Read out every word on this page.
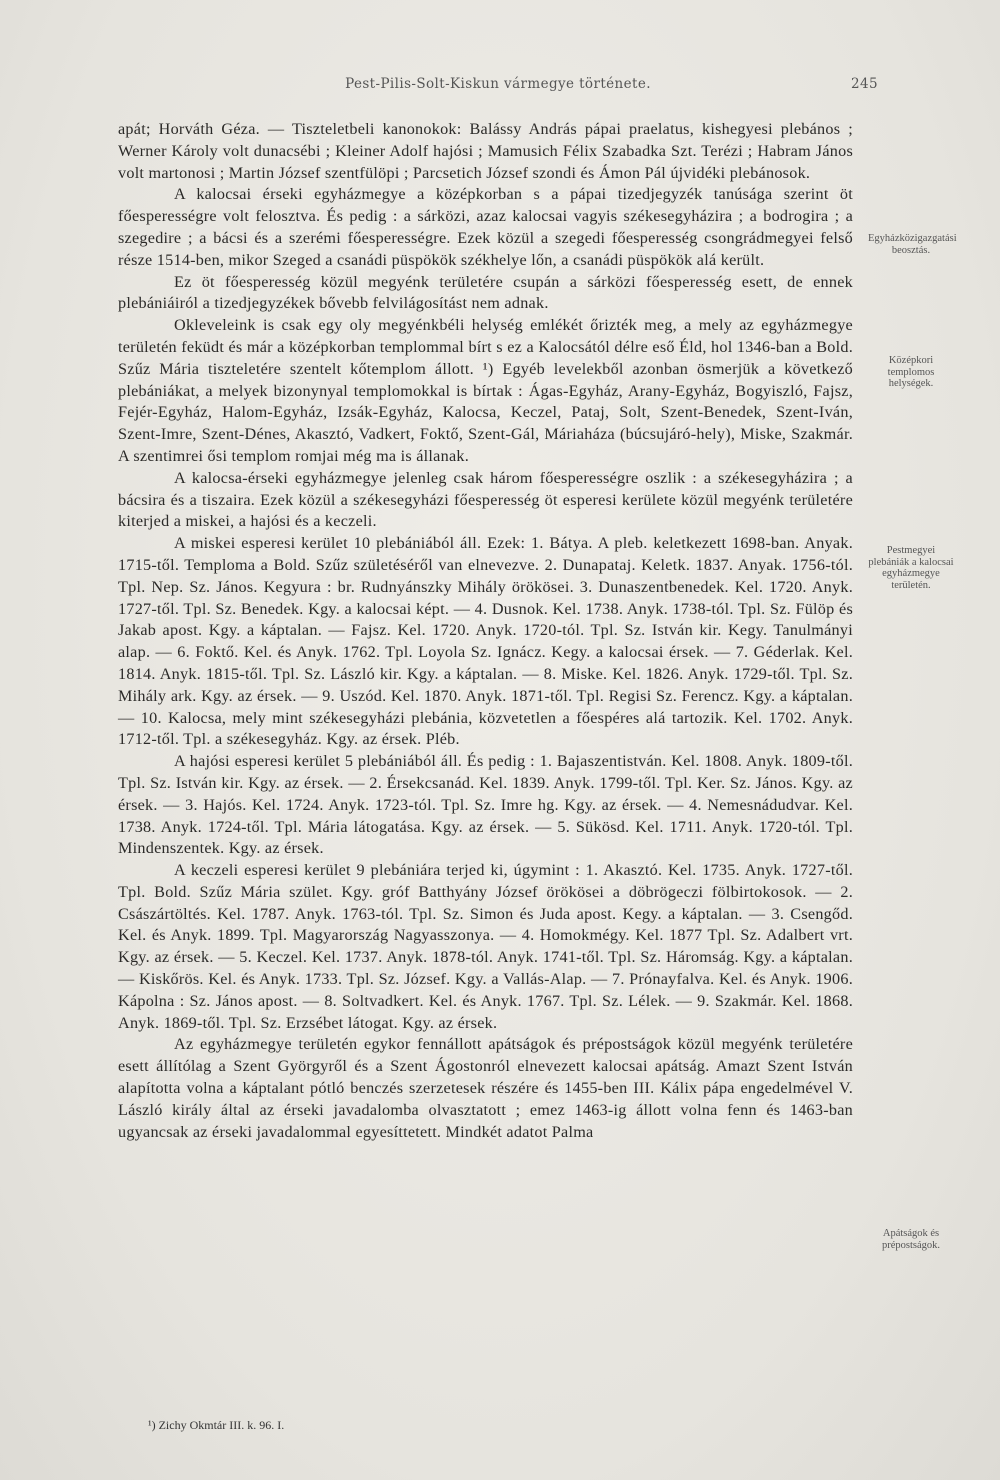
Pest-Pilis-Solt-Kiskun vármegye története.	245

apát; Horváth Géza. — Tiszteletbeli kanonokok: Balássy András pápai praelatus, kishegyesi plebános ; Werner Károly volt dunacsébi ; Kleiner Adolf hajósi ; Mamusich Félix Szabadka Szt. Terézi ; Habram János volt martonosi ; Martin József szentfülöpi ; Parcsetich József szondi és Ámon Pál újvidéki plebánosok.

A kalocsai érseki egyházmegye a középkorban s a pápai tizedjegyzék tanúsága szerint öt főesperességre volt felosztva. És pedig : a sárközi, azaz kalocsai vagyis székesegyházira ; a bodrogira ; a szegedire ; a bácsi és a szerémi főesperességre. Ezek közül a szegedi főesperesség csongrádmegyei felső része 1514-ben, mikor Szeged a csanádi püspökök székhelye lőn, a csanádi püspökök alá került.

Ez öt főesperesség közül megyénk területére csupán a sárközi főesperesség esett, de ennek plebániáiról a tizedjegyzékek bővebb felvilágosítást nem adnak.

Okleveleink is csak egy oly megyénkbéli helység emlékét őrizték meg, a mely az egyházmegye területén feküdt és már a középkorban templommal bírt s ez a Kalocsától délre eső Éld, hol 1346-ban a Bold. Szűz Mária tiszteletére szentelt kőtemplom állott. ¹) Egyéb levelekből azonban ösmerjük a következő plebániákat, a melyek bizonynyal templomokkal is bírtak : Ágas-Egyház, Arany-Egyház, Bogyiszló, Fajsz, Fejér-Egyház, Halom-Egyház, Izsák-Egyház, Kalocsa, Keczel, Pataj, Solt, Szent-Benedek, Szent-Iván, Szent-Imre, Szent-Dénes, Akasztó, Vadkert, Foktő, Szent-Gál, Máriaháza (búcsujáró-hely), Miske, Szakmár. A szentimrei ősi templom romjai még ma is állanak.

A kalocsa-érseki egyházmegye jelenleg csak három főesperességre oszlik : a székesegyházira ; a bácsira és a tiszaira. Ezek közül a székesegyházi főesperesség öt esperesi kerülete közül megyénk területére kiterjed a miskei, a hajósi és a keczeli.

A miskei esperesi kerület 10 plebániából áll. Ezek: 1. Bátya. A pleb. keletkezett 1698-ban. Anyak. 1715-től. Temploma a Bold. Szűz születéséről van elnevezve. 2. Dunapataj. Keletk. 1837. Anyak. 1756-tól. Tpl. Nep. Sz. János. Kegyura : br. Rudnyánszky Mihály örökösei. 3. Dunaszentbenedek. Kel. 1720. Anyk. 1727-től. Tpl. Sz. Benedek. Kgy. a kalocsai képt. — 4. Dusnok. Kel. 1738. Anyk. 1738-tól. Tpl. Sz. Fülöp és Jakab apost. Kgy. a káptalan. — Fajsz. Kel. 1720. Anyk. 1720-tól. Tpl. Sz. István kir. Kegy. Tanulmányi alap. — 6. Foktő. Kel. és Anyk. 1762. Tpl. Loyola Sz. Ignácz. Kegy. a kalocsai érsek. — 7. Géderlak. Kel. 1814. Anyk. 1815-től. Tpl. Sz. László kir. Kgy. a káptalan. — 8. Miske. Kel. 1826. Anyk. 1729-től. Tpl. Sz. Mihály ark. Kgy. az érsek. — 9. Uszód. Kel. 1870. Anyk. 1871-től. Tpl. Regisi Sz. Ferencz. Kgy. a káptalan. — 10. Kalocsa, mely mint székesegyházi plebánia, közvetetlen a főespéres alá tartozik. Kel. 1702. Anyk. 1712-től. Tpl. a székesegyház. Kgy. az érsek. Pléb.

A hajósi esperesi kerület 5 plebániából áll. És pedig : 1. Bajaszentistván. Kel. 1808. Anyk. 1809-től. Tpl. Sz. István kir. Kgy. az érsek. — 2. Érsekcsanád. Kel. 1839. Anyk. 1799-től. Tpl. Ker. Sz. János. Kgy. az érsek. — 3. Hajós. Kel. 1724. Anyk. 1723-tól. Tpl. Sz. Imre hg. Kgy. az érsek. — 4. Nemesnádudvar. Kel. 1738. Anyk. 1724-től. Tpl. Mária látogatása. Kgy. az érsek. — 5. Sükösd. Kel. 1711. Anyk. 1720-tól. Tpl. Mindenszentek. Kgy. az érsek.

A keczeli esperesi kerület 9 plebániára terjed ki, úgymint : 1. Akasztó. Kel. 1735. Anyk. 1727-től. Tpl. Bold. Szűz Mária szület. Kgy. gróf Batthyány József örökösei a döbrögeczi fölbirtokosok. — 2. Császártöltés. Kel. 1787. Anyk. 1763-tól. Tpl. Sz. Simon és Juda apost. Kegy. a káptalan. — 3. Csengőd. Kel. és Anyk. 1899. Tpl. Magyarország Nagyasszonya. — 4. Homokmégy. Kel. 1877 Tpl. Sz. Adalbert vrt. Kgy. az érsek. — 5. Keczel. Kel. 1737. Anyk. 1878-tól. Anyk. 1741-től. Tpl. Sz. Háromság. Kgy. a káptalan. — Kiskőrös. Kel. és Anyk. 1733. Tpl. Sz. József. Kgy. a Vallás-Alap. — 7. Prónayfalva. Kel. és Anyk. 1906. Kápolna : Sz. János apost. — 8. Soltvadkert. Kel. és Anyk. 1767. Tpl. Sz. Lélek. — 9. Szakmár. Kel. 1868. Anyk. 1869-től. Tpl. Sz. Erzsébet látogat. Kgy. az érsek.

Az egyházmegye területén egykor fennállott apátságok és prépostságok közül megyénk területére esett állítólag a Szent Györgyről és a Szent Ágostonról elnevezett kalocsai apátság. Amazt Szent István alapította volna a káptalant pótló benczés szerzetesek részére és 1455-ben III. Kálix pápa engedelmével V. László király által az érseki javadalomba olvasztatott ; emez 1463-ig állott volna fenn és 1463-ban ugyancsak az érseki javadalommal egyesíttetett. Mindkét adatot Palma

Egyházközigazgatási beosztás.
Középkori templomos helységek.
Pestmegyei plebániák a kalocsai egyházmegye területén.
Apátságok és prépostságok.
¹) Zichy Okmtár III. k. 96. I.
